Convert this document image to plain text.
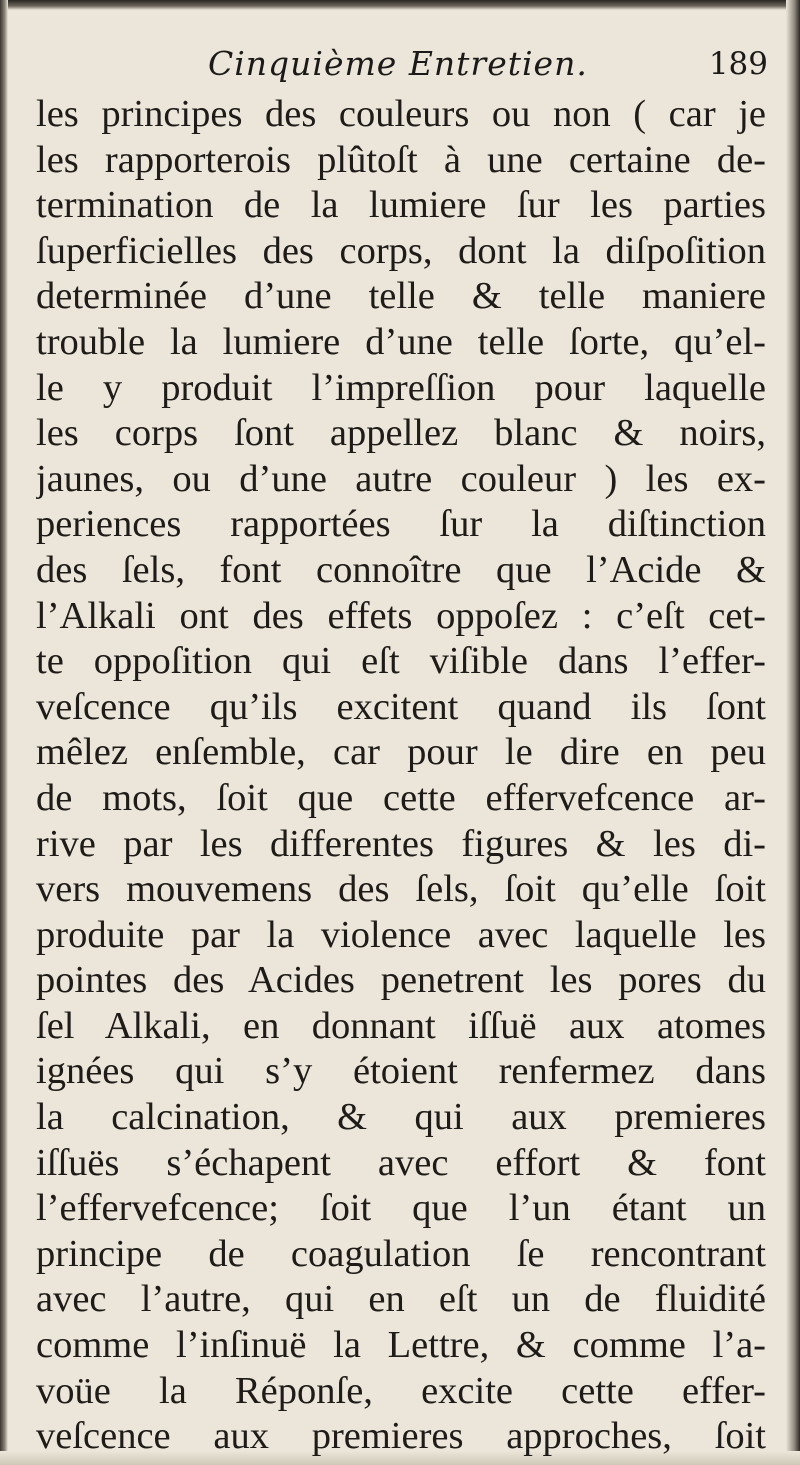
Cinquième Entretien.	189
les principes des couleurs ou non ( car je
les rapporterois plûtoſt à une certaine de-
termination de la lumiere ſur les parties
ſuperficielles des corps, dont la diſpoſition
determinée d’une telle & telle maniere
trouble la lumiere d’une telle ſorte, qu’el-
le y produit l’impreſſion pour laquelle
les corps ſont appellez blanc & noirs,
jaunes, ou d’une autre couleur ) les ex-
periences rapportées ſur la diſtinction
des ſels, font connoître que l’Acide &
l’Alkali ont des effets oppoſez : c’eſt cet-
te oppoſition qui eſt viſible dans l’effer-
veſcence qu’ils excitent quand ils ſont
mêlez enſemble, car pour le dire en peu
de mots, ſoit que cette effervefcence ar-
rive par les differentes figures & les di-
vers mouvemens des ſels, ſoit qu’elle ſoit
produite par la violence avec laquelle les
pointes des Acides penetrent les pores du
ſel Alkali, en donnant iſſuë aux atomes
ignées qui s’y étoient renfermez dans
la calcination, & qui aux premieres
iſſuës s’échapent avec effort & font
l’effervefcence; ſoit que l’un étant un
principe de coagulation ſe rencontrant
avec l’autre, qui en eſt un de fluidité
comme l’inſinuë la Lettre, & comme l’a-
voüe la Réponſe, excite cette effer-
veſcence aux premieres approches, ſoit
